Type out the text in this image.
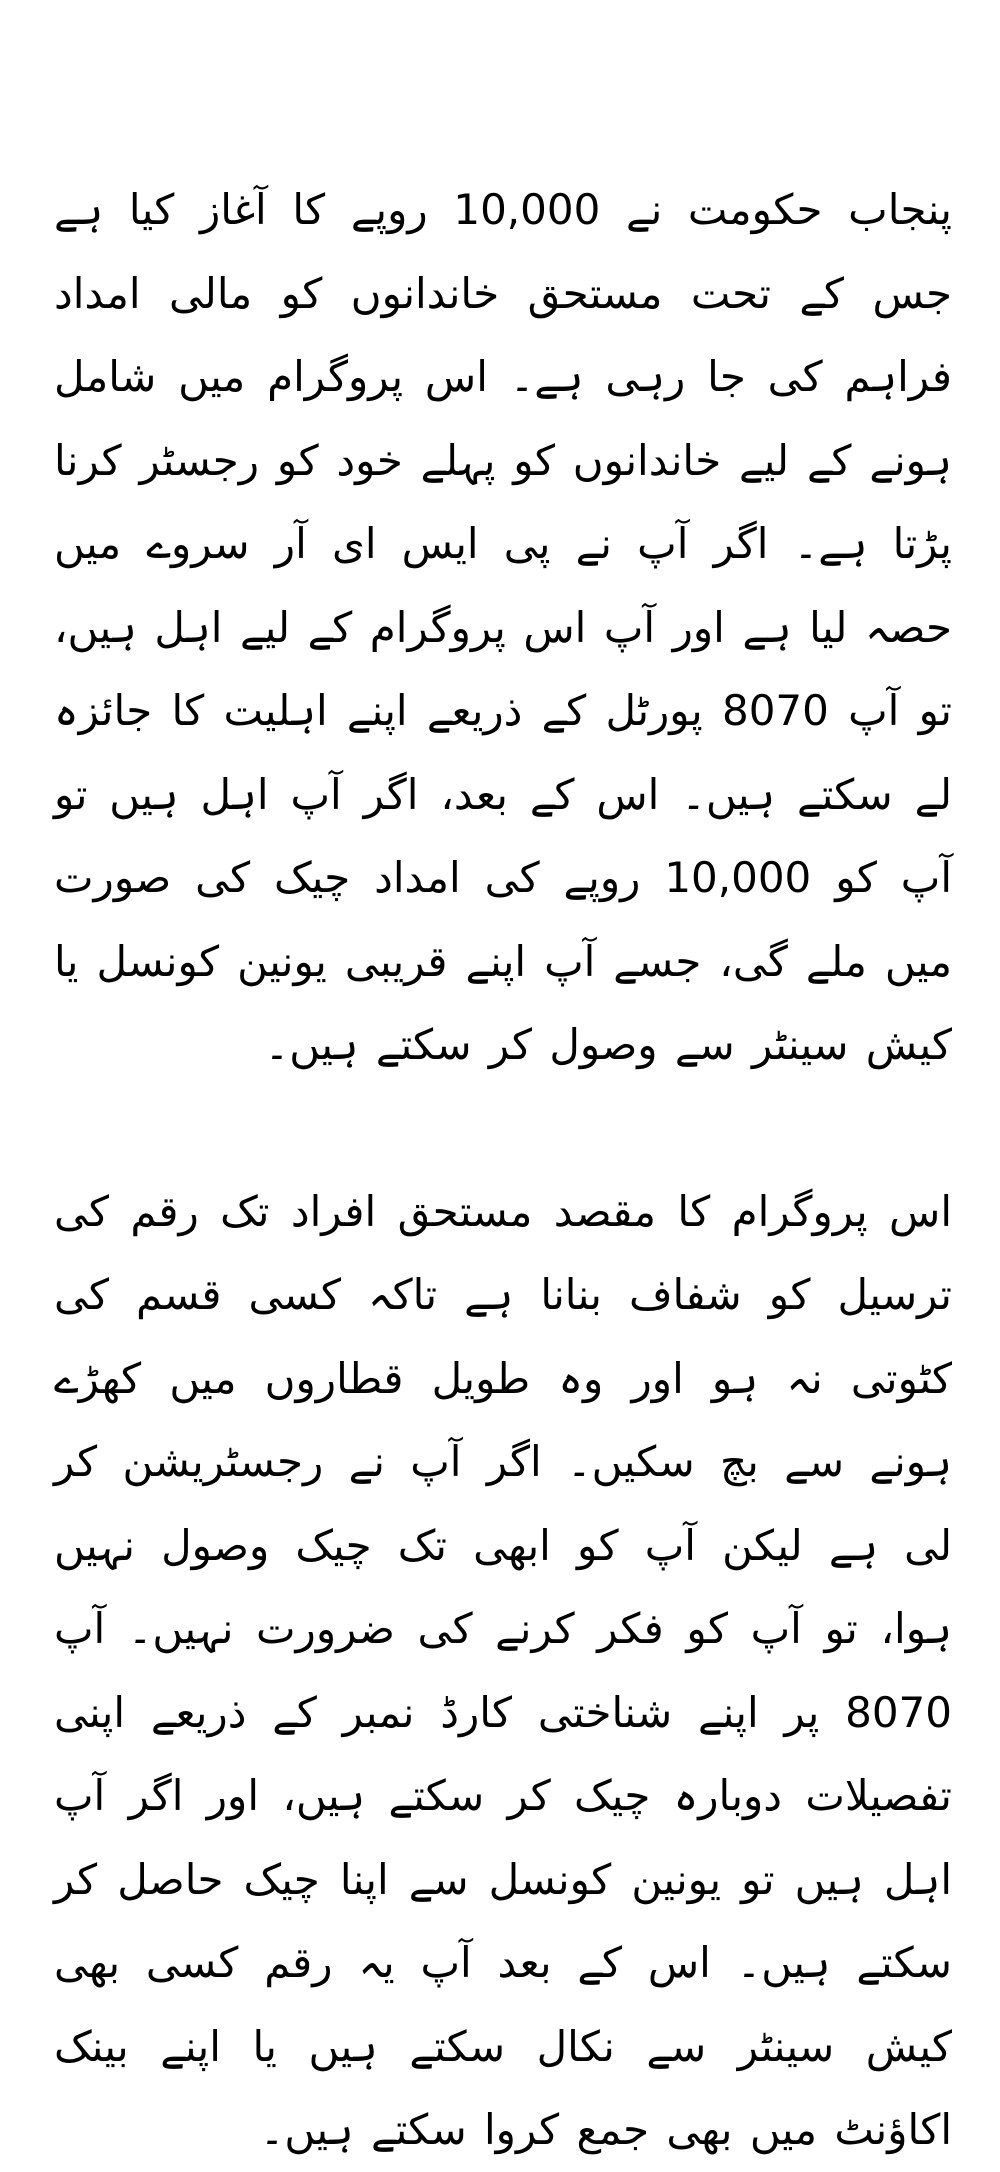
پنجاب حکومت نے 10,000 روپے کا آغاز کیا ہے جس کے تحت مستحق خاندانوں کو مالی امداد فراہم کی جا رہی ہے۔ اس پروگرام میں شامل ہونے کے لیے خاندانوں کو پہلے خود کو رجسٹر کرنا پڑتا ہے۔ اگر آپ نے پی ایس ای آر سروے میں حصہ لیا ہے اور آپ اس پروگرام کے لیے اہل ہیں، تو آپ 8070 پورٹل کے ذریعے اپنے اہلیت کا جائزہ لے سکتے ہیں۔ اس کے بعد، اگر آپ اہل ہیں تو آپ کو 10,000 روپے کی امداد چیک کی صورت میں ملے گی، جسے آپ اپنے قریبی یونین کونسل یا کیش سینٹر سے وصول کر سکتے ہیں۔

اس پروگرام کا مقصد مستحق افراد تک رقم کی ترسیل کو شفاف بنانا ہے تاکہ کسی قسم کی کٹوتی نہ ہو اور وہ طویل قطاروں میں کھڑے ہونے سے بچ سکیں۔ اگر آپ نے رجسٹریشن کر لی ہے لیکن آپ کو ابھی تک چیک وصول نہیں ہوا، تو آپ کو فکر کرنے کی ضرورت نہیں۔ آپ 8070 پر اپنے شناختی کارڈ نمبر کے ذریعے اپنی تفصیلات دوبارہ چیک کر سکتے ہیں، اور اگر آپ اہل ہیں تو یونین کونسل سے اپنا چیک حاصل کر سکتے ہیں۔ اس کے بعد آپ یہ رقم کسی بھی کیش سینٹر سے نکال سکتے ہیں یا اپنے بینک اکاؤنٹ میں بھی جمع کروا سکتے ہیں۔
